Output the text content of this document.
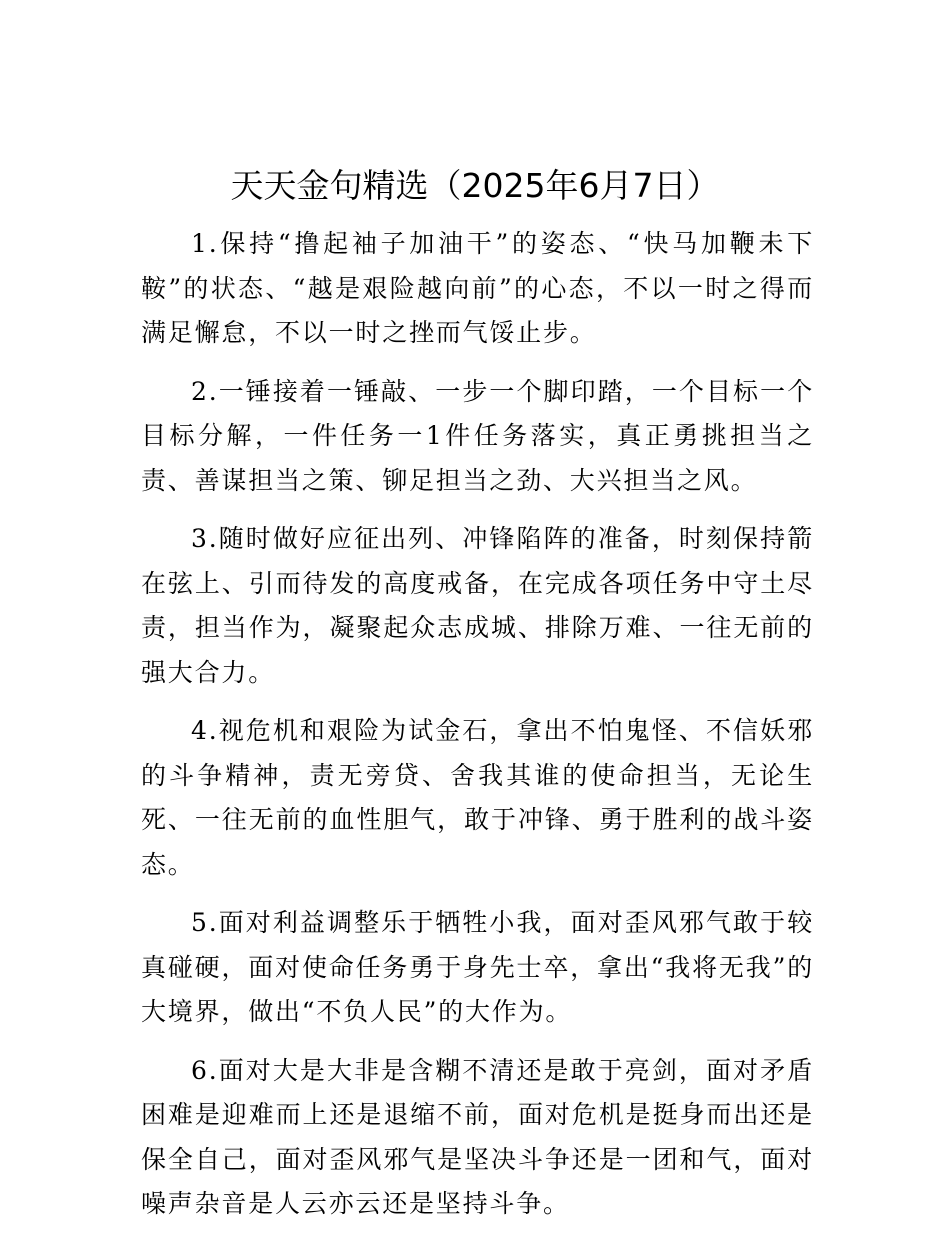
天天金句精选（2025年6月7日）

1.保持“撸起袖子加油干”的姿态、“快马加鞭未下鞍”的状态、“越是艰险越向前”的心态，不以一时之得而满足懈怠，不以一时之挫而气馁止步。

2.一锤接着一锤敲、一步一个脚印踏，一个目标一个目标分解，一件任务一1件任务落实，真正勇挑担当之责、善谋担当之策、铆足担当之劲、大兴担当之风。

3.随时做好应征出列、冲锋陷阵的准备，时刻保持箭在弦上、引而待发的高度戒备，在完成各项任务中守土尽责，担当作为，凝聚起众志成城、排除万难、一往无前的强大合力。

4.视危机和艰险为试金石，拿出不怕鬼怪、不信妖邪的斗争精神，责无旁贷、舍我其谁的使命担当，无论生死、一往无前的血性胆气，敢于冲锋、勇于胜利的战斗姿态。

5.面对利益调整乐于牺牲小我，面对歪风邪气敢于较真碰硬，面对使命任务勇于身先士卒，拿出“我将无我”的大境界，做出“不负人民”的大作为。

6.面对大是大非是含糊不清还是敢于亮剑，面对矛盾困难是迎难而上还是退缩不前，面对危机是挺身而出还是保全自己，面对歪风邪气是坚决斗争还是一团和气，面对噪声杂音是人云亦云还是坚持斗争。
